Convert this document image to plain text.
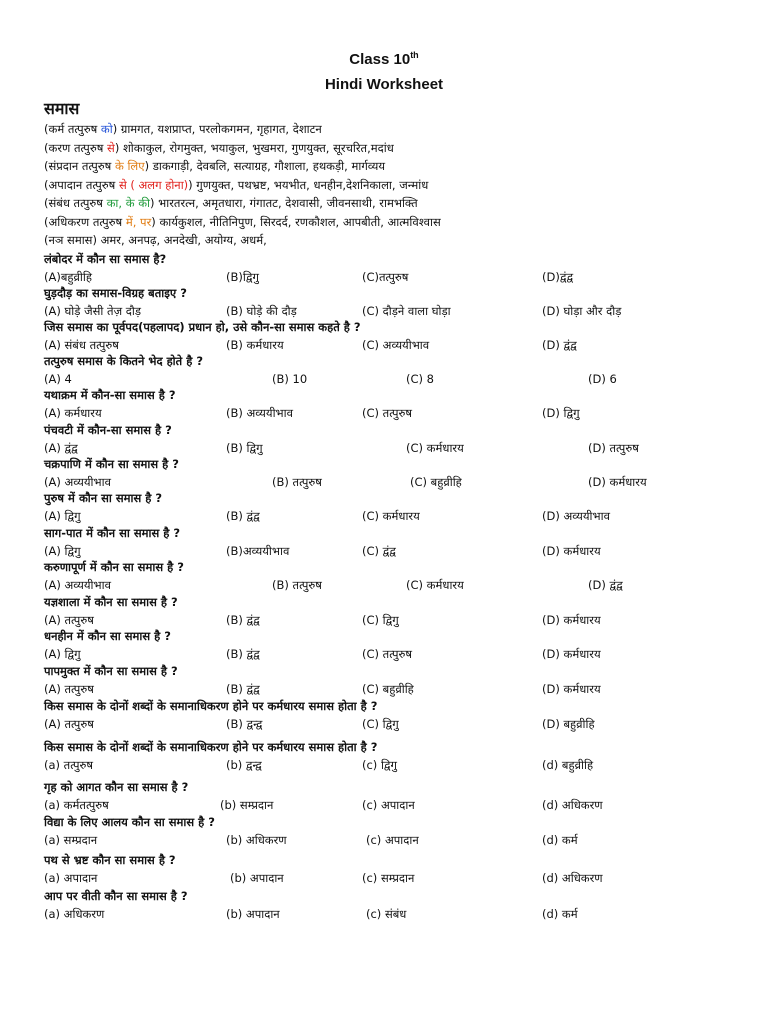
Class 10th
Hindi Worksheet
समास
(कर्म तत्पुरुष को) ग्रामगत, यशप्राप्त, परलोकगमन, गृहागत, देशाटन
(करण तत्पुरुष से) शोकाकुल, रोगमुक्त, भयाकुल, भुखमरा, गुणयुक्त, सूरचरित,मदांध
(संप्रदान तत्पुरुष के लिए) डाकगाड़ी, देवबलि, सत्याग्रह, गौशाला, हथकड़ी, मार्गव्यय
(अपादान तत्पुरुष से ( अलग होना)) गुणयुक्त, पथभ्रष्ट, भयभीत, धनहीन,देशनिकाला, जन्मांध
(संबंध तत्पुरुष का, के की) भारतरत्न, अमृतधारा, गंगातट, देशवासी, जीवनसाथी, रामभक्ति
(अधिकरण तत्पुरुष में, पर) कार्यकुशल, नीतिनिपुण, सिरदर्द, रणकौशल, आपबीती, आत्मविश्वास
(नञ समास) अमर, अनपढ़, अनदेखी, अयोग्य, अधर्म,
लंबोदर में कौन सा समास है?
(A)बहुव्रीहि	(B)द्विगु	(C)तत्पुरुष	(D)द्वंद्व
घुड़दौड़ का समास-विग्रह बताइए ?
(A) घोड़े जैसी तेज़ दौड़	(B) घोड़े की दौड़	(C) दौड़ने वाला घोड़ा	(D) घोड़ा और दौड़
जिस समास का पूर्वपद(पहलापद) प्रधान हो, उसे कौन-सा समास कहते है ?
(A) संबंध तत्पुरुष	(B) कर्मधारय	(C) अव्ययीभाव	(D) द्वंद्व
तत्पुरुष समास के कितने भेद होते है ?
(A) 4	(B) 10	(C) 8	(D) 6
यथाक्रम में कौन-सा समास है ?
(A) कर्मधारय	(B) अव्ययीभाव	(C) तत्पुरुष	(D) द्विगु
पंचवटी में कौन-सा समास है ?
(A) द्वंद्व	(B) द्विगु	(C) कर्मधारय	(D) तत्पुरुष
चक्रपाणि में कौन सा समास है ?
(A) अव्ययीभाव	(B) तत्पुरुष	(C) बहुव्रीहि	(D) कर्मधारय
पुरुष में कौन सा समास है ?
(A) द्विगु	(B) द्वंद्व	(C) कर्मधारय	(D) अव्ययीभाव
साग-पात में कौन सा समास है ?
(A) द्विगु	(B)अव्ययीभाव	(C) द्वंद्व	(D) कर्मधारय
करुणापूर्ण में कौन सा समास है ?
(A) अव्ययीभाव	(B) तत्पुरुष	(C) कर्मधारय	(D) द्वंद्व
यज्ञशाला में कौन सा समास है ?
(A) तत्पुरुष	(B) द्वंद्व	(C) द्विगु	(D) कर्मधारय
धनहीन में कौन सा समास है ?
(A) द्विगु	(B) द्वंद्व	(C) तत्पुरुष	(D) कर्मधारय
पापमुक्त में कौन सा समास है ?
(A) तत्पुरुष	(B) द्वंद्व	(C) बहुव्रीहि	(D) कर्मधारय
किस समास के दोनों शब्दों के समानाधिकरण होने पर कर्मधारय समास होता है ?
(A) तत्पुरुष	(B) द्वन्द्व	(C) द्विगु	(D) बहुव्रीहि
किस समास के दोनों शब्दों के समानाधिकरण होने पर कर्मधारय समास होता है ?
(a) तत्पुरुष	(b) द्वन्द्व	(c) द्विगु	(d) बहुव्रीहि
गृह को आगत कौन सा समास है ?
(a) कर्मतत्पुरुष	(b) सम्प्रदान	(c) अपादान	(d) अधिकरण
विद्या के लिए आलय कौन सा समास है ?
(a) सम्प्रदान	(b) अधिकरण	(c) अपादान	(d) कर्म
पथ से भ्रष्ट कौन सा समास है ?
(a) अपादान	(b) अपादान	(c) सम्प्रदान	(d) अधिकरण
आप पर वीती कौन सा समास है ?
(a) अधिकरण	(b) अपादान	(c) संबंध	(d) कर्म
